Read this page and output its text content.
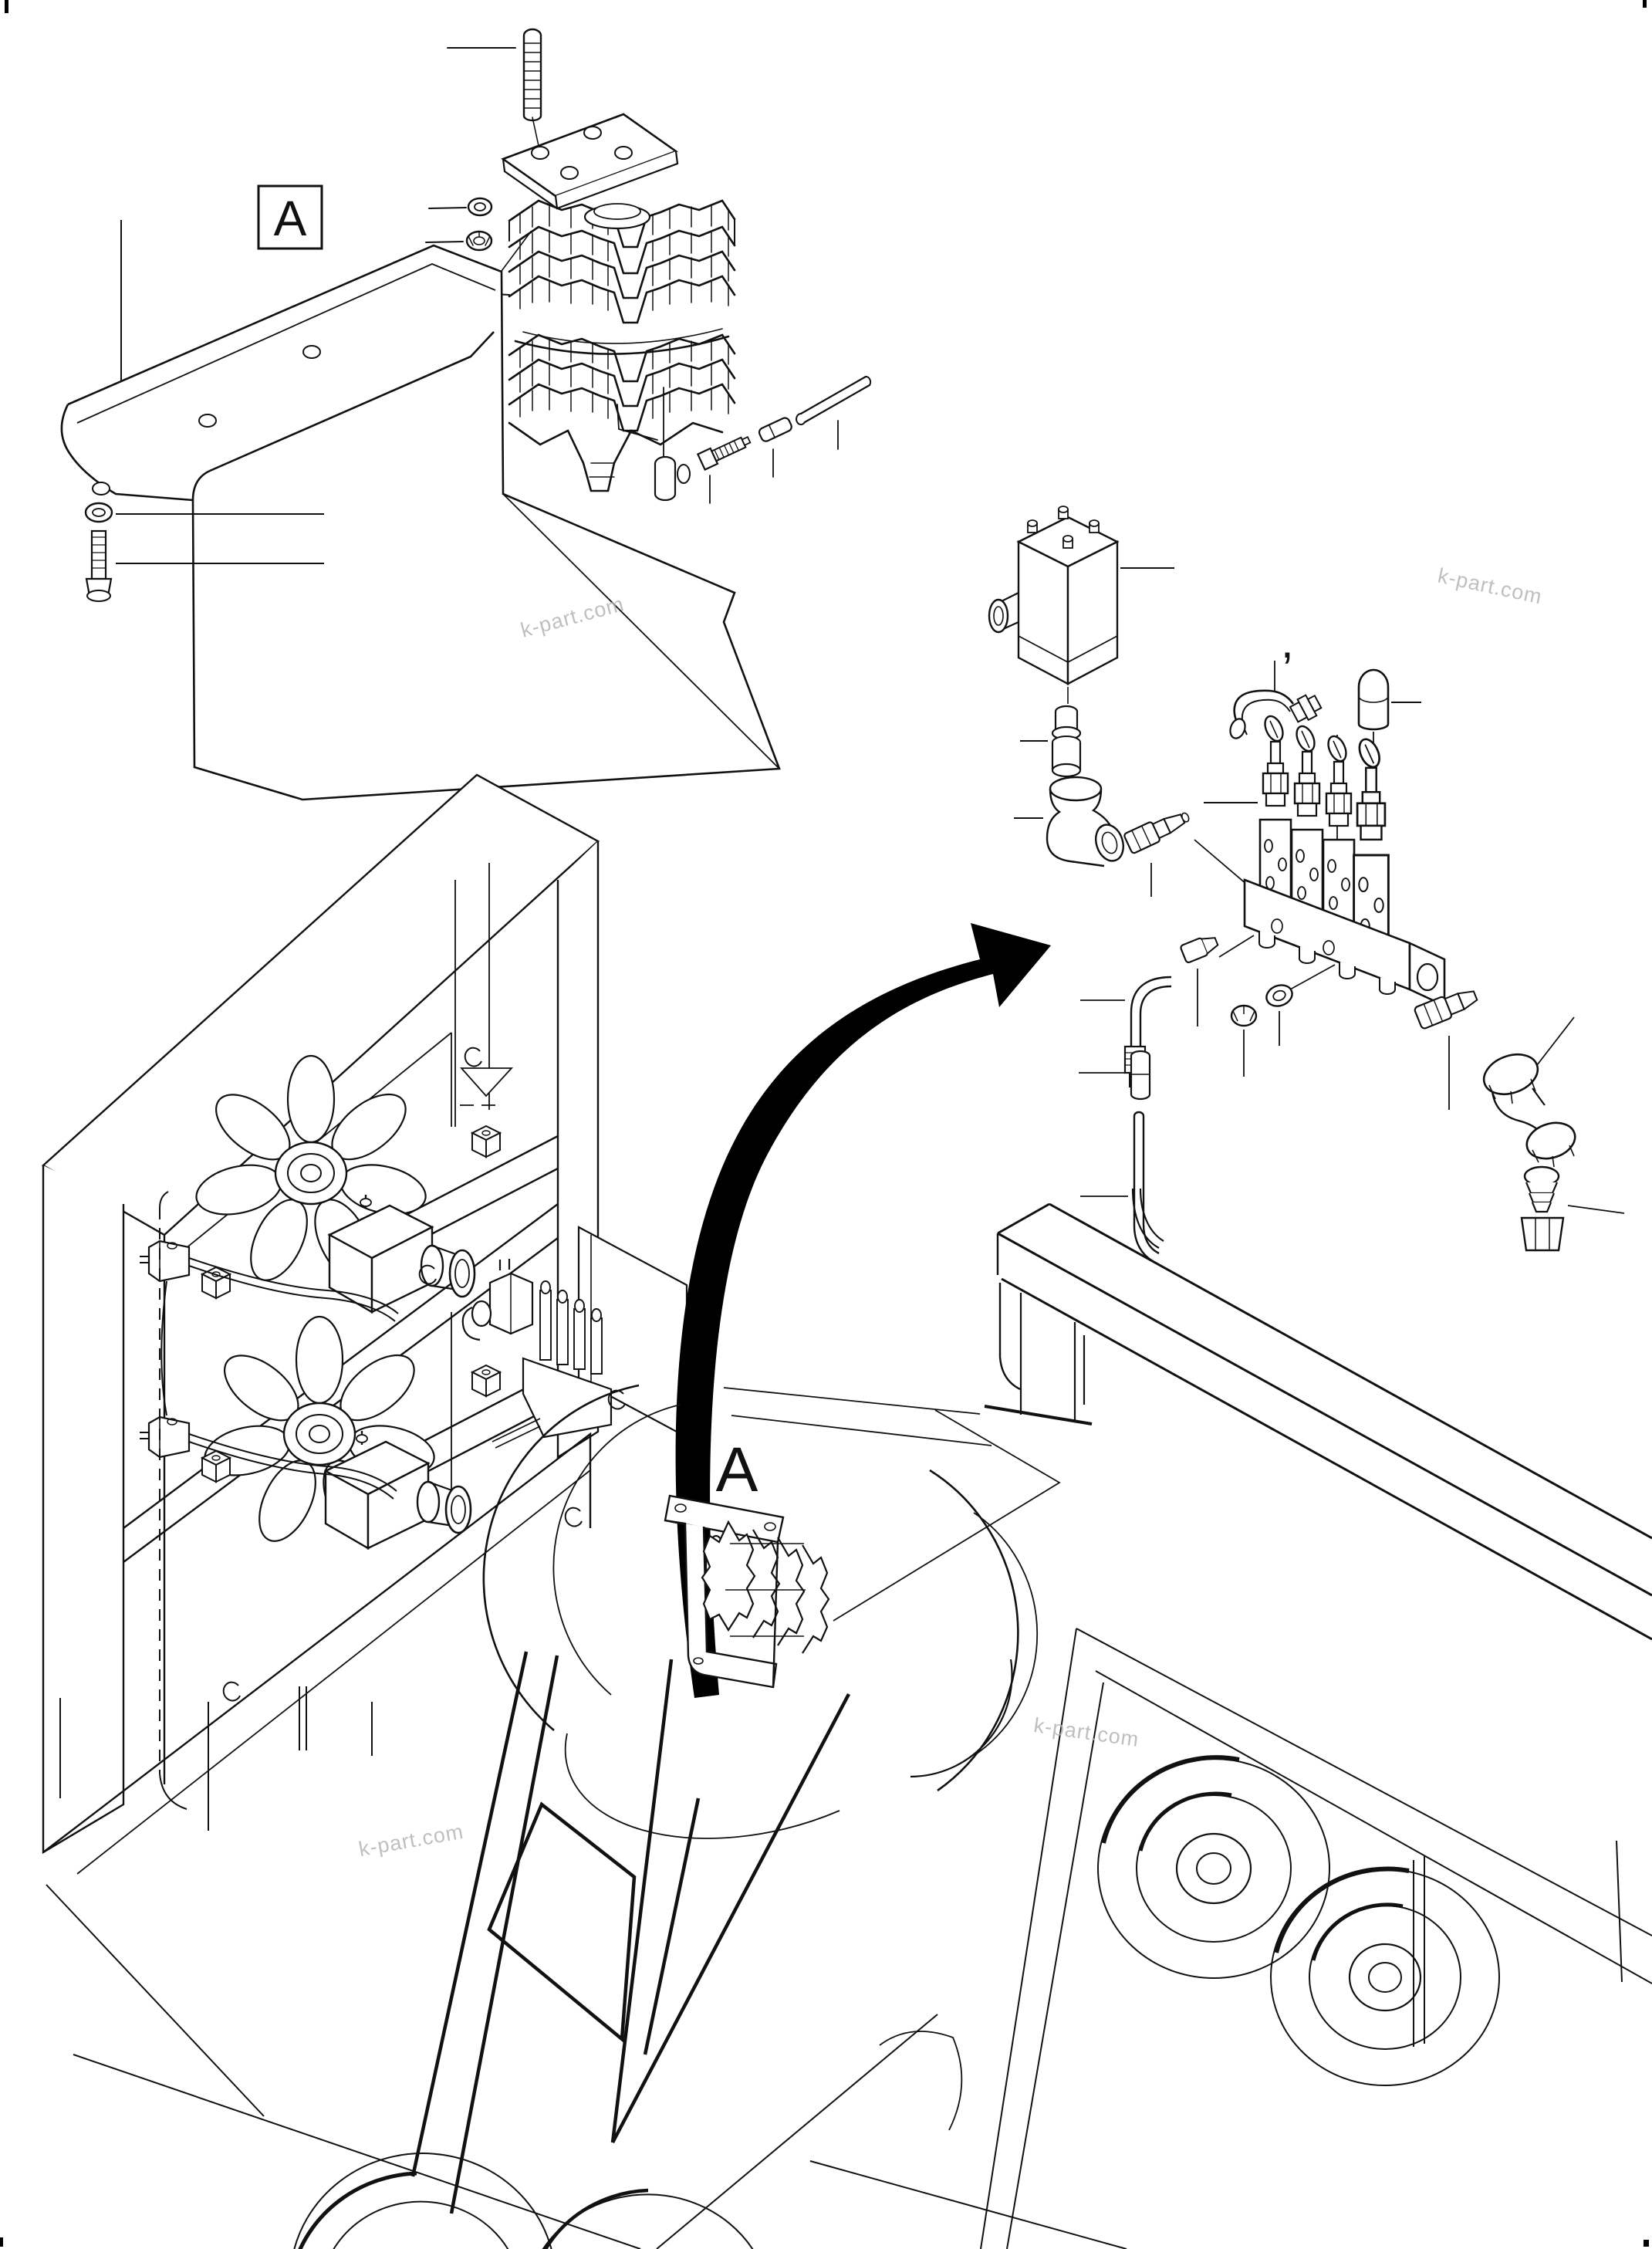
A
,
A
k-part.com
k-part.com
k-part.com
k-part.com
